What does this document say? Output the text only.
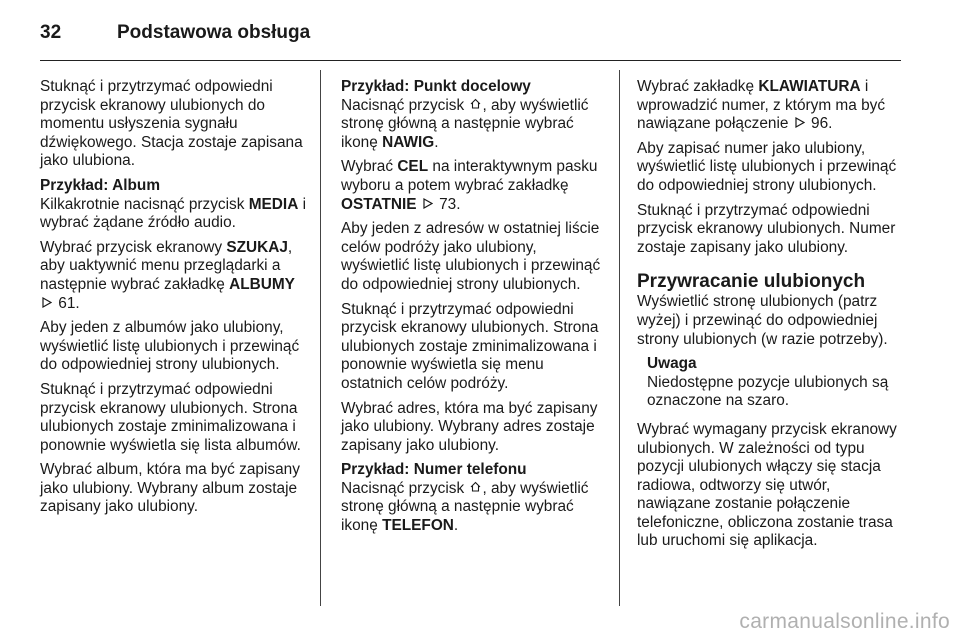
32	Podstawowa obsługa

Stuknąć i przytrzymać odpowiedni przycisk ekranowy ulubionych do momentu usłyszenia sygnału dźwiękowego. Stacja zostaje zapisana jako ulubiona.

Przykład: Album

Kilkakrotnie nacisnąć przycisk MEDIA i wybrać żądane źródło audio.

Wybrać przycisk ekranowy SZUKAJ, aby uaktywnić menu przeglądarki a następnie wybrać zakładkę ALBUMY
61.

Aby jeden z albumów jako ulubiony, wyświetlić listę ulubionych i przewinąć do odpowiedniej strony ulubionych.

Stuknąć i przytrzymać odpowiedni przycisk ekranowy ulubionych. Strona ulubionych zostaje zminimalizowana i ponownie wyświetla się lista albumów.

Wybrać album, która ma być zapisany jako ulubiony. Wybrany album zostaje zapisany jako ulubiony.

Przykład: Punkt docelowy

Nacisnąć przycisk , aby wyświetlić stronę główną a następnie wybrać ikonę NAWIG.

Wybrać CEL na interaktywnym pasku wyboru a potem wybrać zakładkę
OSTATNIE 73.

Aby jeden z adresów w ostatniej liście celów podróży jako ulubiony, wyświetlić listę ulubionych i przewinąć do odpowiedniej strony ulubionych.

Stuknąć i przytrzymać odpowiedni przycisk ekranowy ulubionych. Strona ulubionych zostaje zminimalizowana i ponownie wyświetla się menu ostatnich celów podróży.

Wybrać adres, która ma być zapisany jako ulubiony. Wybrany adres zostaje zapisany jako ulubiony.

Przykład: Numer telefonu

Nacisnąć przycisk , aby wyświetlić stronę główną a następnie wybrać ikonę TELEFON.

Wybrać zakładkę KLAWIATURA i wprowadzić numer, z którym ma być nawiązane połączenie  96.

Aby zapisać numer jako ulubiony, wyświetlić listę ulubionych i przewinąć do odpowiedniej strony ulubionych.

Stuknąć i przytrzymać odpowiedni przycisk ekranowy ulubionych. Numer zostaje zapisany jako ulubiony.

Przywracanie ulubionych

Wyświetlić stronę ulubionych (patrz wyżej) i przewinąć do odpowiedniej strony ulubionych (w razie potrzeby).

Uwaga
Niedostępne pozycje ulubionych są oznaczone na szaro.

Wybrać wymagany przycisk ekranowy ulubionych. W zależności od typu pozycji ulubionych włączy się stacja radiowa, odtworzy się utwór, nawiązane zostanie połączenie telefoniczne, obliczona zostanie trasa lub uruchomi się aplikacja.

carmanualsonline.info
